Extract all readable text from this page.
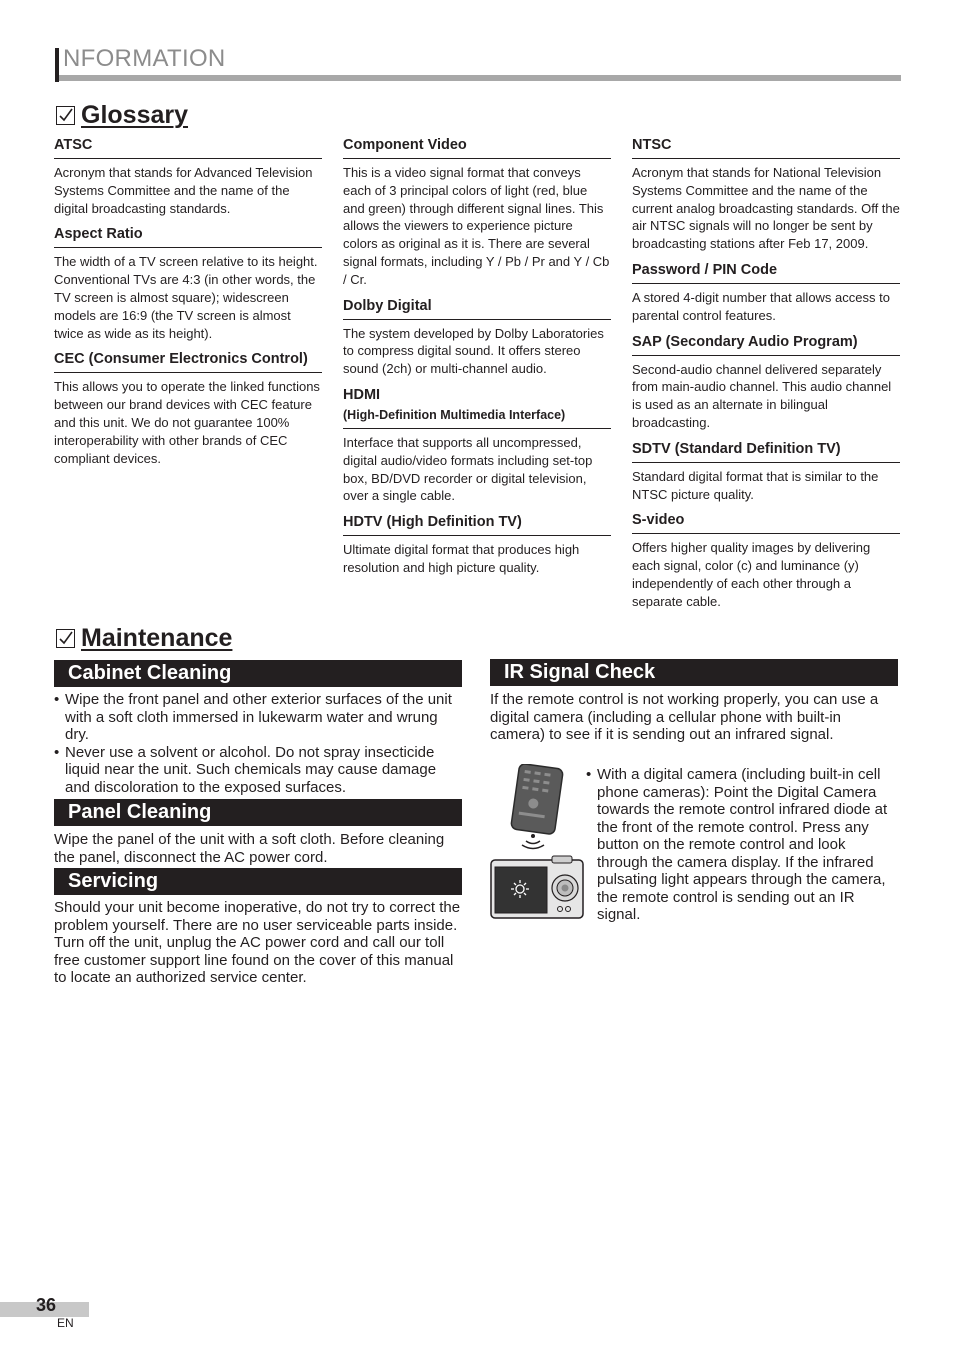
NFORMATION
Glossary
ATSC

Acronym that stands for Advanced Television Systems Committee and the name of the digital broadcasting standards.

Aspect Ratio

The width of a TV screen relative to its height. Conventional TVs are 4:3 (in other words, the TV screen is almost square); widescreen models are 16:9 (the TV screen is almost twice as wide as its height).

CEC (Consumer Electronics Control)

This allows you to operate the linked functions between our brand devices with CEC feature and this unit. We do not guarantee 100% interoperability with other brands of CEC compliant devices.

Component Video

This is a video signal format that conveys each of 3 principal colors of light (red, blue and green) through different signal lines. This allows the viewers to experience picture colors as original as it is. There are several signal formats, including Y / Pb / Pr and Y / Cb / Cr.

Dolby Digital

The system developed by Dolby Laboratories to compress digital sound. It offers stereo sound (2ch) or multi-channel audio.

HDMI
(High-Definition Multimedia Interface)

Interface that supports all uncompressed, digital audio/video formats including set-top box, BD/DVD recorder or digital television, over a single cable.

HDTV (High Definition TV)

Ultimate digital format that produces high resolution and high picture quality.

NTSC

Acronym that stands for National Television Systems Committee and the name of the current analog broadcasting standards. Off the air NTSC signals will no longer be sent by broadcasting stations after Feb 17, 2009.

Password / PIN Code

A stored 4-digit number that allows access to parental control features.

SAP (Secondary Audio Program)

Second-audio channel delivered separately from main-audio channel. This audio channel is used as an alternate in bilingual broadcasting.

SDTV (Standard Definition TV)

Standard digital format that is similar to the NTSC picture quality.

S-video

Offers higher quality images by delivering each signal, color (c) and luminance (y) independently of each other through a separate cable.

Maintenance
Cabinet Cleaning
• Wipe the front panel and other exterior surfaces of the unit with a soft cloth immersed in lukewarm water and wrung dry.
• Never use a solvent or alcohol. Do not spray insecticide liquid near the unit. Such chemicals may cause damage and discoloration to the exposed surfaces.
Panel Cleaning
Wipe the panel of the unit with a soft cloth. Before cleaning the panel, disconnect the AC power cord.
Servicing
Should your unit become inoperative, do not try to correct the problem yourself. There are no user serviceable parts inside. Turn off the unit, unplug the AC power cord and call our toll free customer support line found on the cover of this manual to locate an authorized service center.
IR Signal Check
If the remote control is not working properly, you can use a digital camera (including a cellular phone with built-in camera) to see if it is sending out an infrared signal.
• With a digital camera (including built-in cell phone cameras): Point the Digital Camera towards the remote control infrared diode at the front of the remote control. Press any button on the remote control and look through the camera display. If the infrared pulsating light appears through the camera, the remote control is sending out an IR signal.
36
EN
